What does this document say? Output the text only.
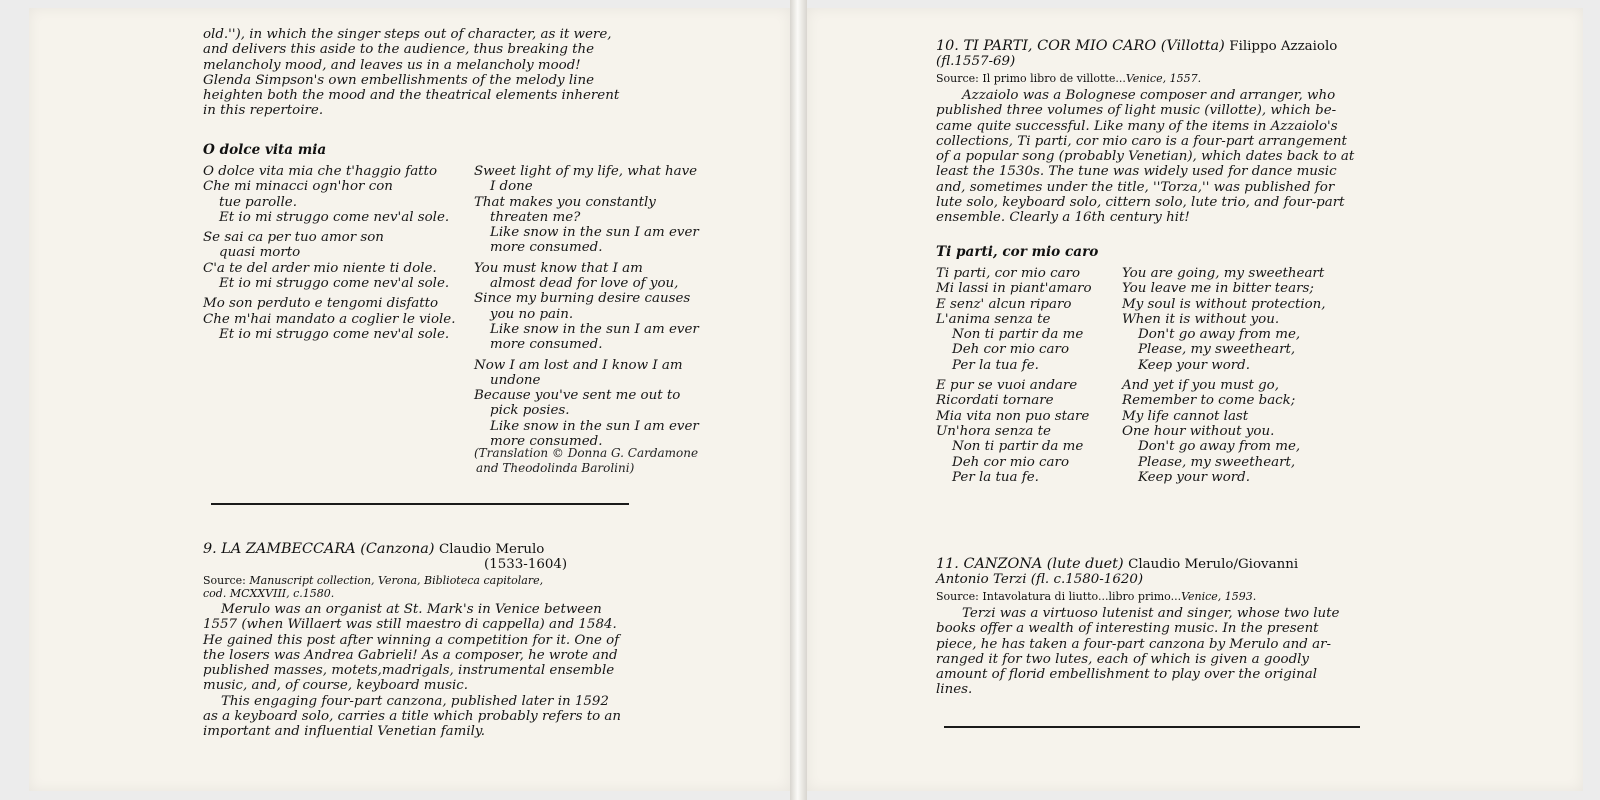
old.''), in which the singer steps out of character, as it were,
and delivers this aside to the audience, thus breaking the
melancholy mood, and leaves us in a melancholy mood!
Glenda Simpson's own embellishments of the melody line
heighten both the mood and the theatrical elements inherent
in this repertoire.
O dolce vita mia
O dolce vita mia che t'haggio fatto
Che mi minacci ogn'hor con
tue parolle.
Et io mi struggo come nev'al sole.
Se sai ca per tuo amor son
quasi morto
C'a te del arder mio niente ti dole.
Et io mi struggo come nev'al sole.
Mo son perduto e tengomi disfatto
Che m'hai mandato a coglier le viole.
Et io mi struggo come nev'al sole.
Sweet light of my life, what have
I done
That makes you constantly
threaten me?
Like snow in the sun I am ever
more consumed.
You must know that I am
almost dead for love of you,
Since my burning desire causes
you no pain.
Like snow in the sun I am ever
more consumed.
Now I am lost and I know I am
undone
Because you've sent me out to
pick posies.
Like snow in the sun I am ever
more consumed.
(Translation © Donna G. Cardamone
and Theodolinda Barolini)
9. LA ZAMBECCARA (Canzona) Claudio Merulo
(1533-1604)
Source: Manuscript collection, Verona, Biblioteca capitolare,
cod. MCXXVIII, c.1580.
Merulo was an organist at St. Mark's in Venice between
1557 (when Willaert was still maestro di cappella) and 1584.
He gained this post after winning a competition for it. One of
the losers was Andrea Gabrieli! As a composer, he wrote and
published masses, motets,madrigals, instrumental ensemble
music, and, of course, keyboard music.
This engaging four-part canzona, published later in 1592
as a keyboard solo, carries a title which probably refers to an
important and influential Venetian family.
10. TI PARTI, COR MIO CARO (Villotta) Filippo Azzaiolo
(fl.1557-69)
Source: Il primo libro de villotte...Venice, 1557.
Azzaiolo was a Bolognese composer and arranger, who
published three volumes of light music (villotte), which be-
came quite successful. Like many of the items in Azzaiolo's
collections, Ti parti, cor mio caro is a four-part arrangement
of a popular song (probably Venetian), which dates back to at
least the 1530s. The tune was widely used for dance music
and, sometimes under the title, ''Torza,'' was published for
lute solo, keyboard solo, cittern solo, lute trio, and four-part
ensemble. Clearly a 16th century hit!
Ti parti, cor mio caro
Ti parti, cor mio caro
Mi lassi in piant'amaro
E senz' alcun riparo
L'anima senza te
Non ti partir da me
Deh cor mio caro
Per la tua fe.
E pur se vuoi andare
Ricordati tornare
Mia vita non puo stare
Un'hora senza te
Non ti partir da me
Deh cor mio caro
Per la tua fe.
You are going, my sweetheart
You leave me in bitter tears;
My soul is without protection,
When it is without you.
Don't go away from me,
Please, my sweetheart,
Keep your word.
And yet if you must go,
Remember to come back;
My life cannot last
One hour without you.
Don't go away from me,
Please, my sweetheart,
Keep your word.
11. CANZONA (lute duet) Claudio Merulo/Giovanni
Antonio Terzi (fl. c.1580-1620)
Source: Intavolatura di liutto...libro primo...Venice, 1593.
Terzi was a virtuoso lutenist and singer, whose two lute
books offer a wealth of interesting music. In the present
piece, he has taken a four-part canzona by Merulo and ar-
ranged it for two lutes, each of which is given a goodly
amount of florid embellishment to play over the original
lines.
